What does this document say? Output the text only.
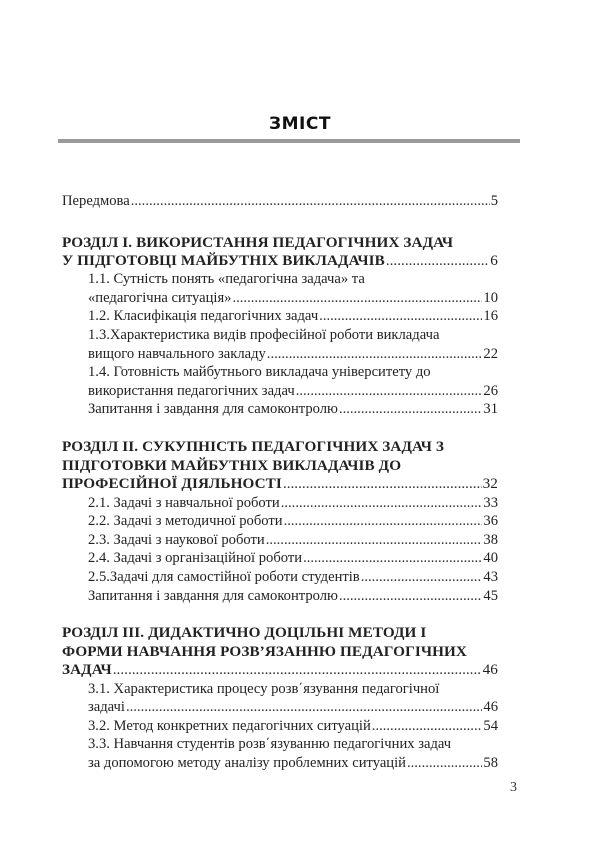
ЗМІСТ
Передмова .....	5
РОЗДІЛ І. ВИКОРИСТАННЯ ПЕДАГОГІЧНИХ ЗАДАЧ
У ПІДГОТОВЦІ МАЙБУТНІХ ВИКЛАДАЧІВ .....	6
1.1. Сутність понять «педагогічна задача» та
«педагогічна ситуація» .....	10
1.2. Класифікація педагогічних задач .....	16
1.3.Характеристика видів професійної роботи викладача
вищого навчального закладу .....	22
1.4. Готовність майбутнього викладача університету до
використання педагогічних задач .....	26
Запитання і завдання для самоконтролю .....	31
РОЗДІЛ ІІ. СУКУПНІСТЬ ПЕДАГОГІЧНИХ ЗАДАЧ З
ПІДГОТОВКИ МАЙБУТНІХ ВИКЛАДАЧІВ ДО
ПРОФЕСІЙНОЇ ДІЯЛЬНОСТІ .....	32
2.1. Задачі з навчальної роботи .....	33
2.2. Задачі з методичної роботи .....	36
2.3. Задачі з наукової роботи .....	38
2.4. Задачі з організаційної роботи .....	40
2.5.Задачі для самостійної роботи студентів .....	43
Запитання і завдання для самоконтролю .....	45
РОЗДІЛ ІІІ. ДИДАКТИЧНО ДОЦІЛЬНІ МЕТОДИ І
ФОРМИ НАВЧАННЯ РОЗВ’ЯЗАННЮ ПЕДАГОГІЧНИХ
ЗАДАЧ .....	46
3.1. Характеристика процесу розв΄язування педагогічної
задачі .....	46
3.2. Метод конкретних педагогічних ситуацій .....	54
3.3. Навчання студентів розв΄язуванню педагогічних задач
за допомогою методу аналізу проблемних ситуацій .....	58
3
